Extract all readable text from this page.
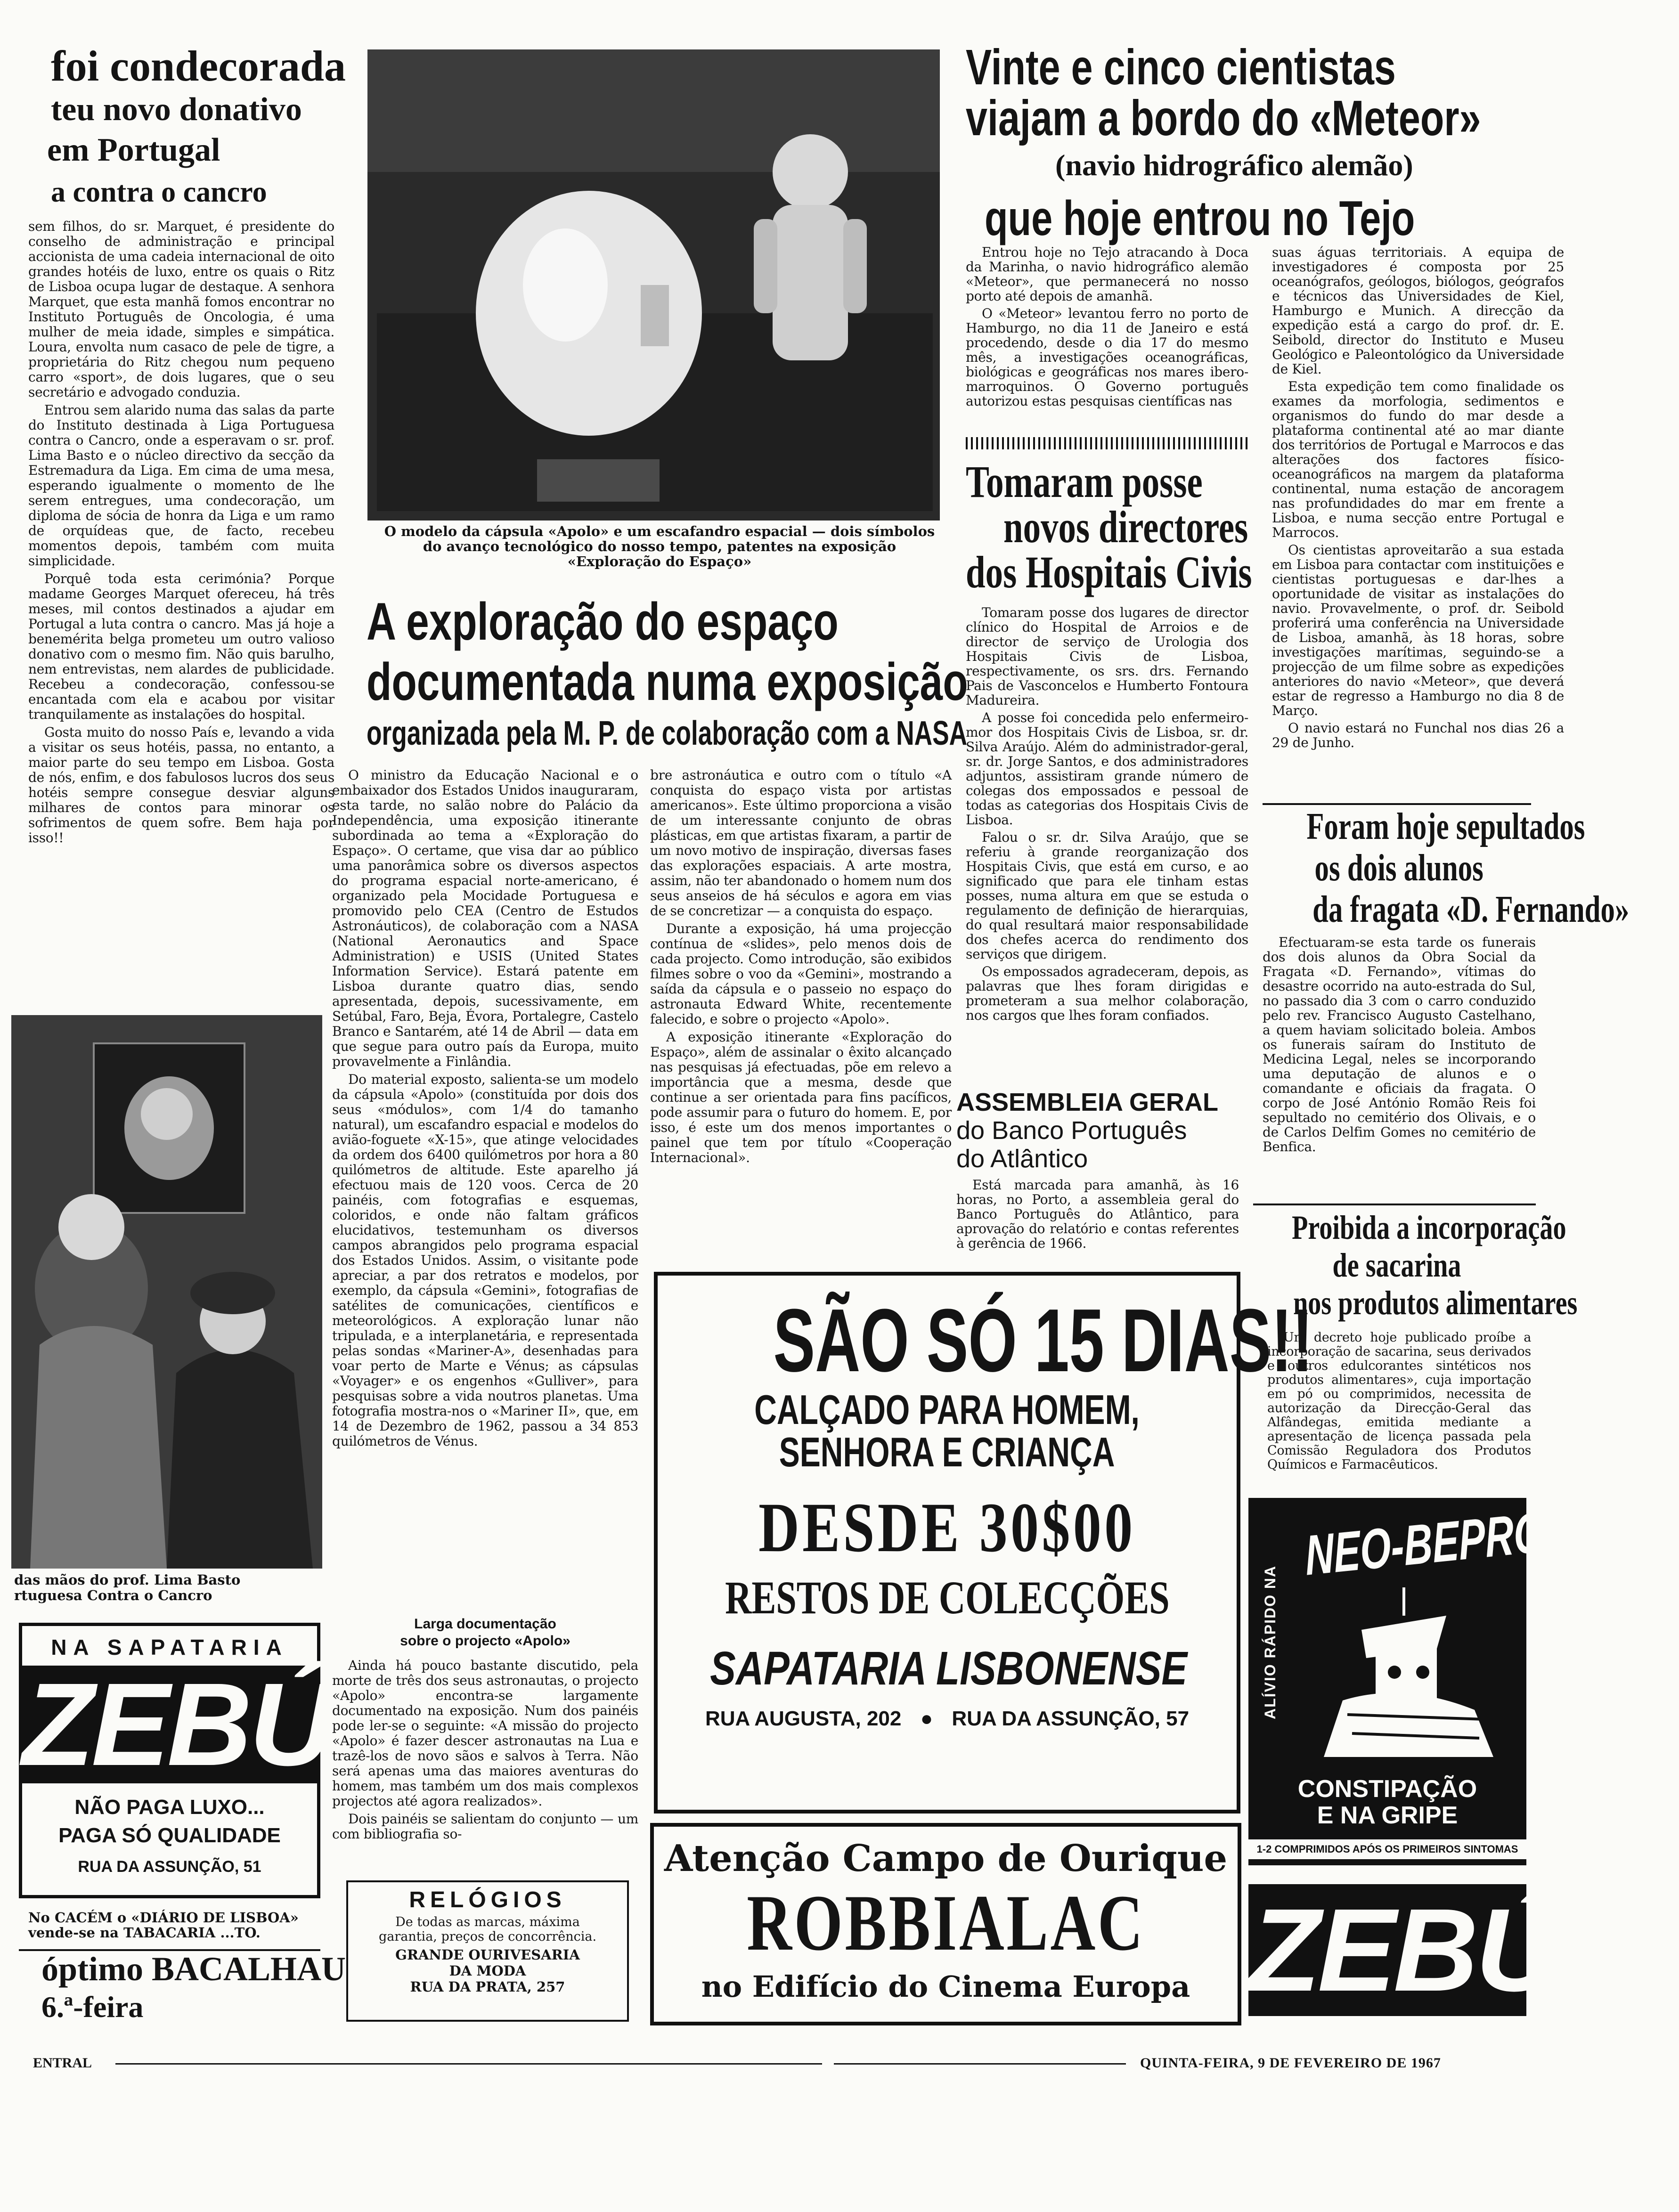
foi condecorada
teu novo donativo
em Portugal
a contra o cancro

sem filhos, do sr. Marquet, é presidente do conselho de administração e principal accionista de uma cadeia internacional de oito grandes hotéis de luxo, entre os quais o Ritz de Lisboa ocupa lugar de destaque. A senhora Marquet, que esta manhã fomos encontrar no Instituto Português de Oncologia, é uma mulher de meia idade, simples e simpática. Loura, envolta num casaco de pele de tigre, a proprietária do Ritz chegou num pequeno carro «sport», de dois lugares, que o seu secretário e advogado conduzia.

Entrou sem alarido numa das salas da parte do Instituto destinada à Liga Portuguesa contra o Cancro, onde a esperavam o sr. prof. Lima Basto e o núcleo directivo da secção da Estremadura da Liga. Em cima de uma mesa, esperando igualmente o momento de lhe serem entregues, uma condecoração, um diploma de sócia de honra da Liga e um ramo de orquídeas que, de facto, recebeu momentos depois, também com muita simplicidade.

Porquê toda esta cerimónia? Porque madame Georges Marquet ofereceu, há três meses, mil contos destinados a ajudar em Portugal a luta contra o cancro. Mas já hoje a benemérita belga prometeu um outro valioso donativo com o mesmo fim. Não quis barulho, nem entrevistas, nem alardes de publicidade. Recebeu a condecoração, confessou-se encantada com ela e acabou por visitar tranquilamente as instalações do hospital.

Gosta muito do nosso País e, levando a vida a visitar os seus hotéis, passa, no entanto, a maior parte do seu tempo em Lisboa. Gosta de nós, enfim, e dos fabulosos lucros dos seus hotéis sempre consegue desviar alguns milhares de contos para minorar os sofrimentos de quem sofre. Bem haja por isso!!

das mãos do prof. Lima Basto
rtuguesa Contra o Cancro
NA SAPATARIA
ZEBÚ
NÃO PAGA LUXO...
PAGA SÓ QUALIDADE
RUA DA ASSUNÇÃO, 51
No CACÉM o «DIÁRIO DE LISBOA» vende-se na TABACARIA ...TO.
óptimo BACALHAU
6.ª-feira
O modelo da cápsula «Apolo» e um escafandro espacial — dois símbolos do avanço tecnológico do nosso tempo, patentes na exposição «Exploração do Espaço»
A exploração do espaço
documentada numa exposição
organizada pela M. P. de colaboração com a NASA

O ministro da Educação Nacional e o embaixador dos Estados Unidos inauguraram, esta tarde, no salão nobre do Palácio da Independência, uma exposição itinerante subordinada ao tema a «Exploração do Espaço». O certame, que visa dar ao público uma panorâmica sobre os diversos aspectos do programa espacial norte-americano, é organizado pela Mocidade Portuguesa e promovido pelo CEA (Centro de Estudos Astronáuticos), de colaboração com a NASA (National Aeronautics and Space Administration) e USIS (United States Information Service). Estará patente em Lisboa durante quatro dias, sendo apresentada, depois, sucessivamente, em Setúbal, Faro, Beja, Évora, Portalegre, Castelo Branco e Santarém, até 14 de Abril — data em que segue para outro país da Europa, muito provavelmente a Finlândia.

Do material exposto, salienta-se um modelo da cápsula «Apolo» (constituída por dois dos seus «módulos», com 1/4 do tamanho natural), um escafandro espacial e modelos do avião-foguete «X-15», que atinge velocidades da ordem dos 6400 quilómetros por hora a 80 quilómetros de altitude. Este aparelho já efectuou mais de 120 voos. Cerca de 20 painéis, com fotografias e esquemas, coloridos, e onde não faltam gráficos elucidativos, testemunham os diversos campos abrangidos pelo programa espacial dos Estados Unidos. Assim, o visitante pode apreciar, a par dos retratos e modelos, por exemplo, da cápsula «Gemini», fotografias de satélites de comunicações, científicos e meteorológicos. A exploração lunar não tripulada, e a interplanetária, e representada pelas sondas «Mariner-A», desenhadas para voar perto de Marte e Vénus; as cápsulas «Voyager» e os engenhos «Gulliver», para pesquisas sobre a vida noutros planetas. Uma fotografia mostra-nos o «Mariner II», que, em 14 de Dezembro de 1962, passou a 34 853 quilómetros de Vénus.

Larga documentação
sobre o projecto «Apolo»

Ainda há pouco bastante discutido, pela morte de três dos seus astronautas, o projecto «Apolo» encontra-se largamente documentado na exposição. Num dos painéis pode ler-se o seguinte: «A missão do projecto «Apolo» é fazer descer astronautas na Lua e trazê-los de novo sãos e salvos à Terra. Não será apenas uma das maiores aventuras do homem, mas também um dos mais complexos projectos até agora realizados».

Dois painéis se salientam do conjunto — um com bibliografia so-

bre astronáutica e outro com o título «A conquista do espaço vista por artistas americanos». Este último proporciona a visão de um interessante conjunto de obras plásticas, em que artistas fixaram, a partir de um novo motivo de inspiração, diversas fases das explorações espaciais. A arte mostra, assim, não ter abandonado o homem num dos seus anseios de há séculos e agora em vias de se concretizar — a conquista do espaço.

Durante a exposição, há uma projecção contínua de «slides», pelo menos dois de cada projecto. Como introdução, são exibidos filmes sobre o voo da «Gemini», mostrando a saída da cápsula e o passeio no espaço do astronauta Edward White, recentemente falecido, e sobre o projecto «Apolo».

A exposição itinerante «Exploração do Espaço», além de assinalar o êxito alcançado nas pesquisas já efectuadas, põe em relevo a importância que a mesma, desde que continue a ser orientada para fins pacíficos, pode assumir para o futuro do homem. E, por isso, é este um dos menos importantes o painel que tem por título «Cooperação Internacional».

RELÓGIOS
De todas as marcas, máxima
garantia, preços de concorrência.
GRANDE OURIVESARIA
DA MODA
RUA DA PRATA, 257
SÃO SÓ 15 DIAS!!
CALÇADO PARA HOMEM,
SENHORA E CRIANÇA
DESDE 30$00
RESTOS DE COLECÇÕES
SAPATARIA LISBONENSE
RUA AUGUSTA, 202 ● RUA DA ASSUNÇÃO, 57
Atenção Campo de Ourique
ROBBIALAC
no Edifício do Cinema Europa
Vinte e cinco cientistas
viajam a bordo do «Meteor»
(navio hidrográfico alemão)
que hoje entrou no Tejo

Entrou hoje no Tejo atracando à Doca da Marinha, o navio hidrográfico alemão «Meteor», que permanecerá no nosso porto até depois de amanhã.

O «Meteor» levantou ferro no porto de Hamburgo, no dia 11 de Janeiro e está procedendo, desde o dia 17 do mesmo mês, a investigações oceanográficas, biológicas e geográficas nos mares ibero-marroquinos. O Governo português autorizou estas pesquisas científicas nas

suas águas territoriais. A equipa de investigadores é composta por 25 oceanógrafos, geólogos, biólogos, geógrafos e técnicos das Universidades de Kiel, Hamburgo e Munich. A direcção da expedição está a cargo do prof. dr. E. Seibold, director do Instituto e Museu Geológico e Paleontológico da Universidade de Kiel.

Esta expedição tem como finalidade os exames da morfologia, sedimentos e organismos do fundo do mar desde a plataforma continental até ao mar diante dos territórios de Portugal e Marrocos e das alterações dos factores físico-oceanográficos na margem da plataforma continental, numa estação de ancoragem nas profundidades do mar em frente a Lisboa, e numa secção entre Portugal e Marrocos.

Os cientistas aproveitarão a sua estada em Lisboa para contactar com instituições e cientistas portuguesas e dar-lhes a oportunidade de visitar as instalações do navio. Provavelmente, o prof. dr. Seibold proferirá uma conferência na Universidade de Lisboa, amanhã, às 18 horas, sobre investigações marítimas, seguindo-se a projecção de um filme sobre as expedições anteriores do navio «Meteor», que deverá estar de regresso a Hamburgo no dia 8 de Março.

O navio estará no Funchal nos dias 26 a 29 de Junho.

Tomaram posse
novos directores
dos Hospitais Civis

Tomaram posse dos lugares de director clínico do Hospital de Arroios e de director de serviço de Urologia dos Hospitais Civis de Lisboa, respectivamente, os srs. drs. Fernando Pais de Vasconcelos e Humberto Fontoura Madureira.

A posse foi concedida pelo enfermeiro-mor dos Hospitais Civis de Lisboa, sr. dr. Silva Araújo. Além do administrador-geral, sr. dr. Jorge Santos, e dos administradores adjuntos, assistiram grande número de colegas dos empossados e pessoal de todas as categorias dos Hospitais Civis de Lisboa.

Falou o sr. dr. Silva Araújo, que se referiu à grande reorganização dos Hospitais Civis, que está em curso, e ao significado que para ele tinham estas posses, numa altura em que se estuda o regulamento de definição de hierarquias, do qual resultará maior responsabilidade dos chefes acerca do rendimento dos serviços que dirigem.

Os empossados agradeceram, depois, as palavras que lhes foram dirigidas e prometeram a sua melhor colaboração, nos cargos que lhes foram confiados.

ASSEMBLEIA GERAL
do Banco Português
do Atlântico

Está marcada para amanhã, às 16 horas, no Porto, a assembleia geral do Banco Português do Atlântico, para aprovação do relatório e contas referentes à gerência de 1966.

Foram hoje sepultados
os dois alunos
da fragata «D. Fernando»

Efectuaram-se esta tarde os funerais dos dois alunos da Obra Social da Fragata «D. Fernando», vítimas do desastre ocorrido na auto-estrada do Sul, no passado dia 3 com o carro conduzido pelo rev. Francisco Augusto Castelhano, a quem haviam solicitado boleia. Ambos os funerais saíram do Instituto de Medicina Legal, neles se incorporando uma deputação de alunos e o comandante e oficiais da fragata. O corpo de José António Romão Reis foi sepultado no cemitério dos Olivais, e o de Carlos Delfim Gomes no cemitério de Benfica.

Proibida a incorporação
de sacarina
nos produtos alimentares

Um decreto hoje publicado proíbe a incorporação de sacarina, seus derivados e outros edulcorantes sintéticos nos produtos alimentares», cuja importação em pó ou comprimidos, necessita de autorização da Direcção-Geral das Alfândegas, emitida mediante a apresentação de licença passada pela Comissão Reguladora dos Produtos Químicos e Farmacêuticos.

NEO-BEPROL
ALÍVIO RÁPIDO NA
CONSTIPAÇÃO
E NA GRIPE
1-2 COMPRIMIDOS APÓS OS PRIMEIROS SINTOMAS
ZEBÚ
ENTRAL	QUINTA-FEIRA, 9 DE FEVEREIRO DE 1967
